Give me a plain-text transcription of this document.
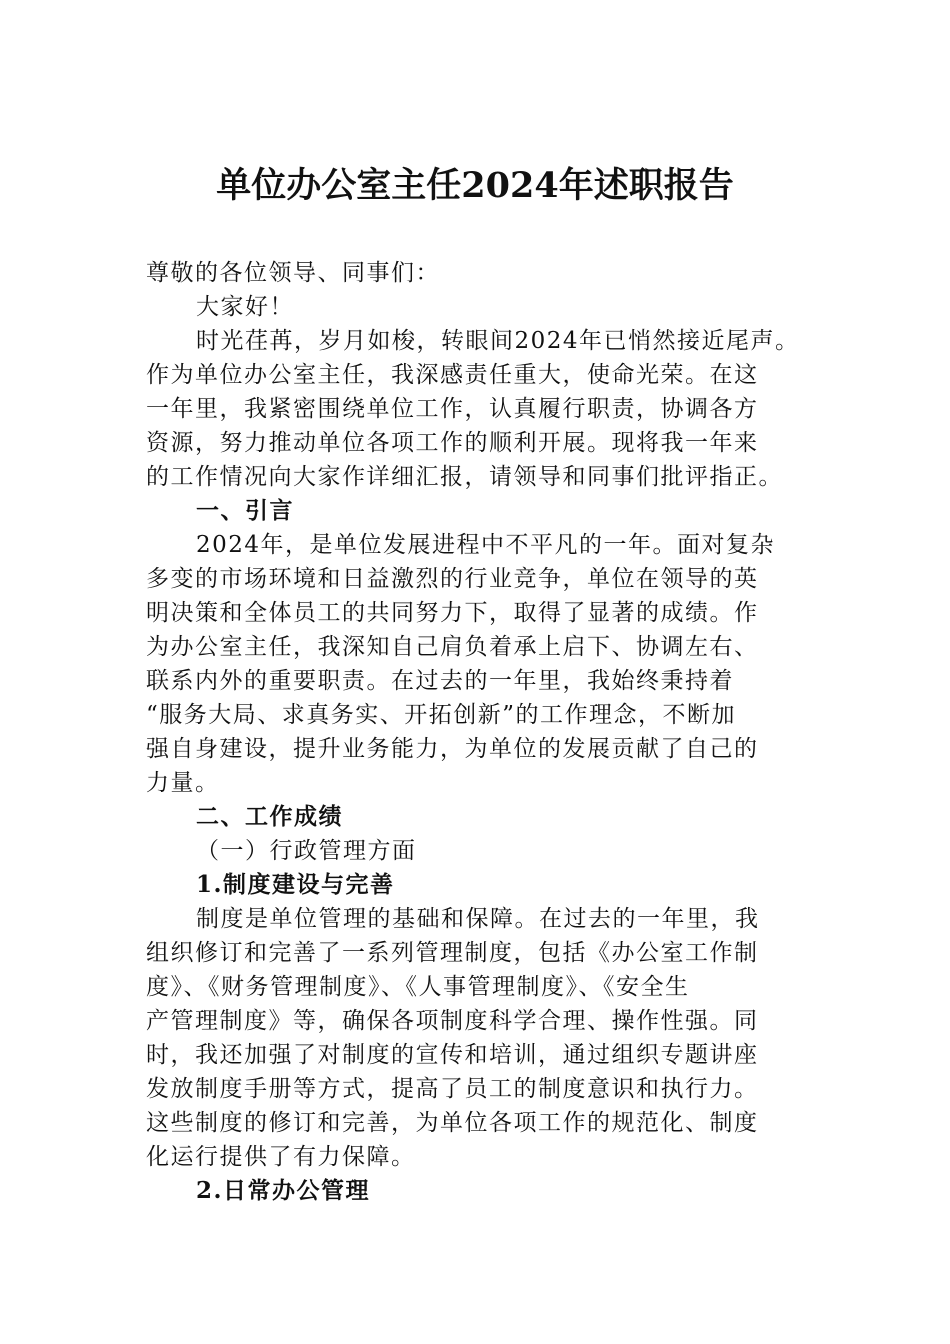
单位办公室主任2024年述职报告
尊敬的各位领导、同事们：
大家好！
时光荏苒，岁月如梭，转眼间2024年已悄然接近尾声。
作为单位办公室主任，我深感责任重大，使命光荣。在这
一年里，我紧密围绕单位工作，认真履行职责，协调各方
资源，努力推动单位各项工作的顺利开展。现将我一年来
的工作情况向大家作详细汇报，请领导和同事们批评指正。
一、引言
2024年，是单位发展进程中不平凡的一年。面对复杂
多变的市场环境和日益激烈的行业竞争，单位在领导的英
明决策和全体员工的共同努力下，取得了显著的成绩。作
为办公室主任，我深知自己肩负着承上启下、协调左右、
联系内外的重要职责。在过去的一年里，我始终秉持着
“服务大局、求真务实、开拓创新”的工作理念，不断加
强自身建设，提升业务能力，为单位的发展贡献了自己的
力量。
二、工作成绩
（一）行政管理方面
1.制度建设与完善
制度是单位管理的基础和保障。在过去的一年里，我
组织修订和完善了一系列管理制度，包括《办公室工作制
度》、《财务管理制度》、《人事管理制度》、《安全生
产管理制度》等，确保各项制度科学合理、操作性强。同
时，我还加强了对制度的宣传和培训，通过组织专题讲座
发放制度手册等方式，提高了员工的制度意识和执行力。
这些制度的修订和完善，为单位各项工作的规范化、制度
化运行提供了有力保障。
2.日常办公管理
